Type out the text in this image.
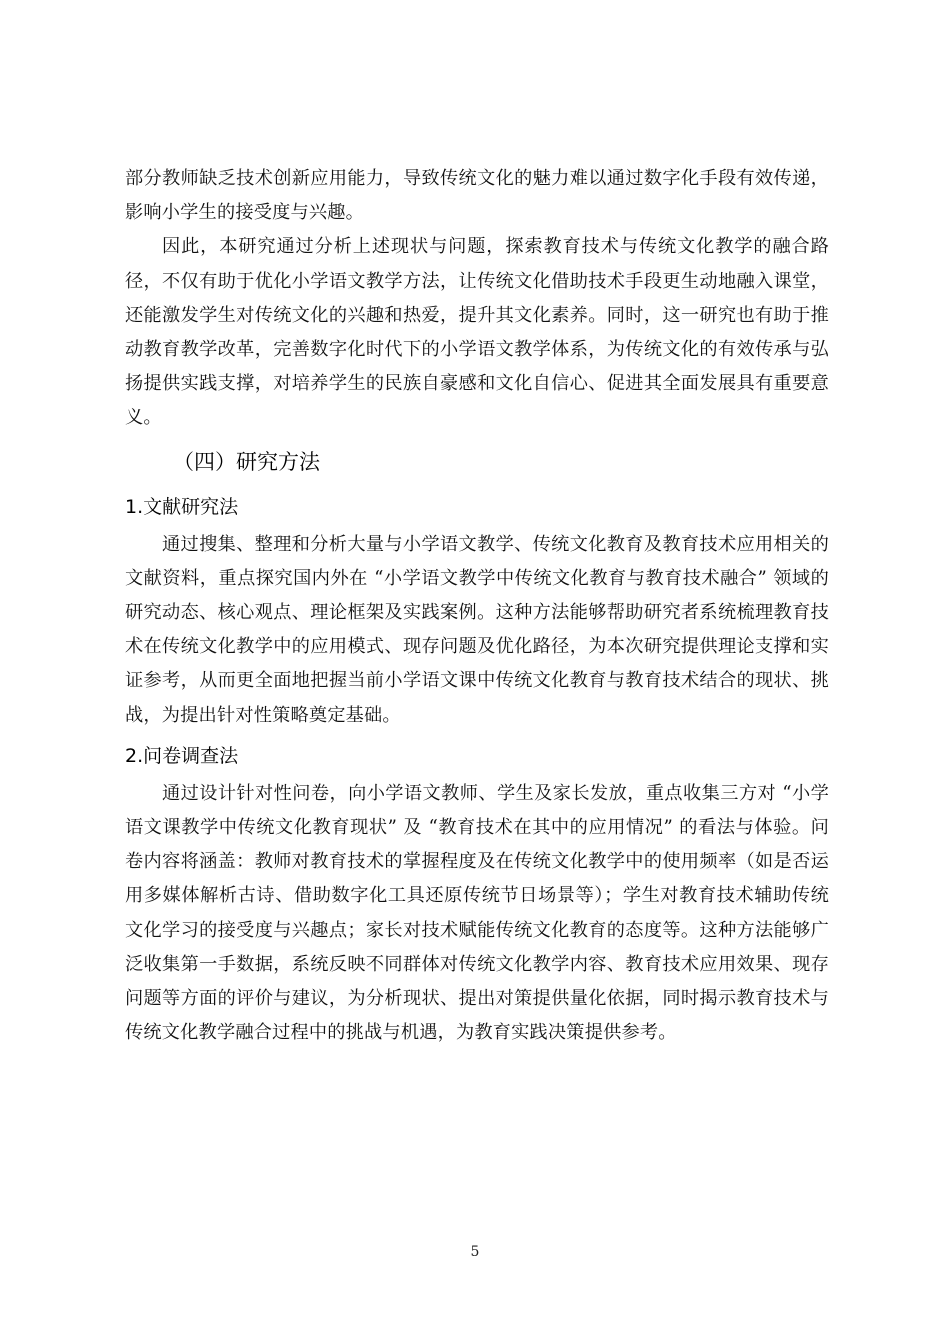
部分教师缺乏技术创新应用能力，导致传统文化的魅力难以通过数字化手段有效传递，影响小学生的接受度与兴趣。

因此，本研究通过分析上述现状与问题，探索教育技术与传统文化教学的融合路径，不仅有助于优化小学语文教学方法，让传统文化借助技术手段更生动地融入课堂，还能激发学生对传统文化的兴趣和热爱，提升其文化素养。同时，这一研究也有助于推动教育教学改革，完善数字化时代下的小学语文教学体系，为传统文化的有效传承与弘扬提供实践支撑，对培养学生的民族自豪感和文化自信心、促进其全面发展具有重要意义。

（四）研究方法
1.文献研究法

通过搜集、整理和分析大量与小学语文教学、传统文化教育及教育技术应用相关的文献资料，重点探究国内外在 “小学语文教学中传统文化教育与教育技术融合” 领域的研究动态、核心观点、理论框架及实践案例。这种方法能够帮助研究者系统梳理教育技术在传统文化教学中的应用模式、现存问题及优化路径，为本次研究提供理论支撑和实证参考，从而更全面地把握当前小学语文课中传统文化教育与教育技术结合的现状、挑战，为提出针对性策略奠定基础。

2.问卷调查法

通过设计针对性问卷，向小学语文教师、学生及家长发放，重点收集三方对 “小学语文课教学中传统文化教育现状” 及 “教育技术在其中的应用情况” 的看法与体验。问卷内容将涵盖：教师对教育技术的掌握程度及在传统文化教学中的使用频率（如是否运用多媒体解析古诗、借助数字化工具还原传统节日场景等）；学生对教育技术辅助传统文化学习的接受度与兴趣点；家长对技术赋能传统文化教育的态度等。这种方法能够广泛收集第一手数据，系统反映不同群体对传统文化教学内容、教育技术应用效果、现存问题等方面的评价与建议，为分析现状、提出对策提供量化依据，同时揭示教育技术与传统文化教学融合过程中的挑战与机遇，为教育实践决策提供参考。

5
